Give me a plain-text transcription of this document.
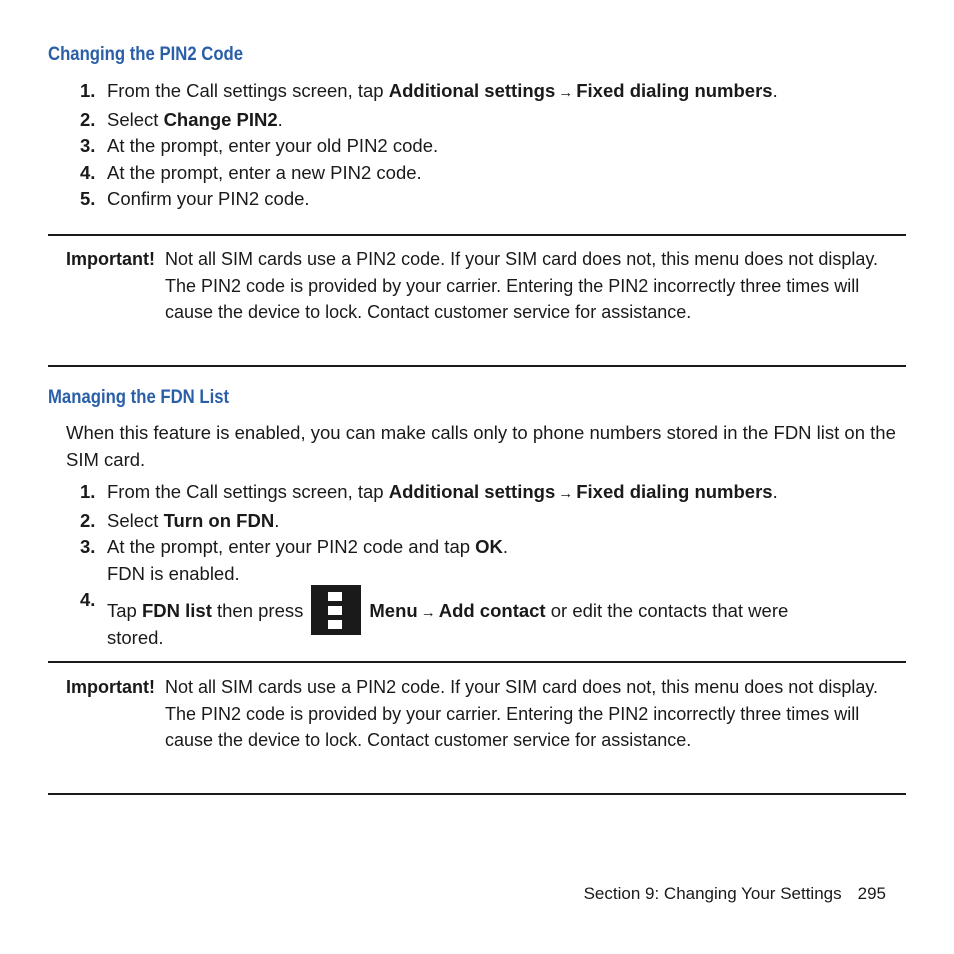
Changing the PIN2 Code
1. From the Call settings screen, tap Additional settings → Fixed dialing numbers.
2. Select Change PIN2.
3. At the prompt, enter your old PIN2 code.
4. At the prompt, enter a new PIN2 code.
5. Confirm your PIN2 code.
Important! Not all SIM cards use a PIN2 code. If your SIM card does not, this menu does not display.
The PIN2 code is provided by your carrier. Entering the PIN2 incorrectly three times will cause the device to lock. Contact customer service for assistance.
Managing the FDN List

When this feature is enabled, you can make calls only to phone numbers stored in the FDN list on the SIM card.

1. From the Call settings screen, tap Additional settings → Fixed dialing numbers.
2. Select Turn on FDN.
3. At the prompt, enter your PIN2 code and tap OK.
FDN is enabled.
4.
Tap FDN list then press	Menu → Add contact or edit the contacts that were
stored.
Important! Not all SIM cards use a PIN2 code. If your SIM card does not, this menu does not display.
The PIN2 code is provided by your carrier. Entering the PIN2 incorrectly three times will cause the device to lock. Contact customer service for assistance.
Section 9: Changing Your Settings 295
